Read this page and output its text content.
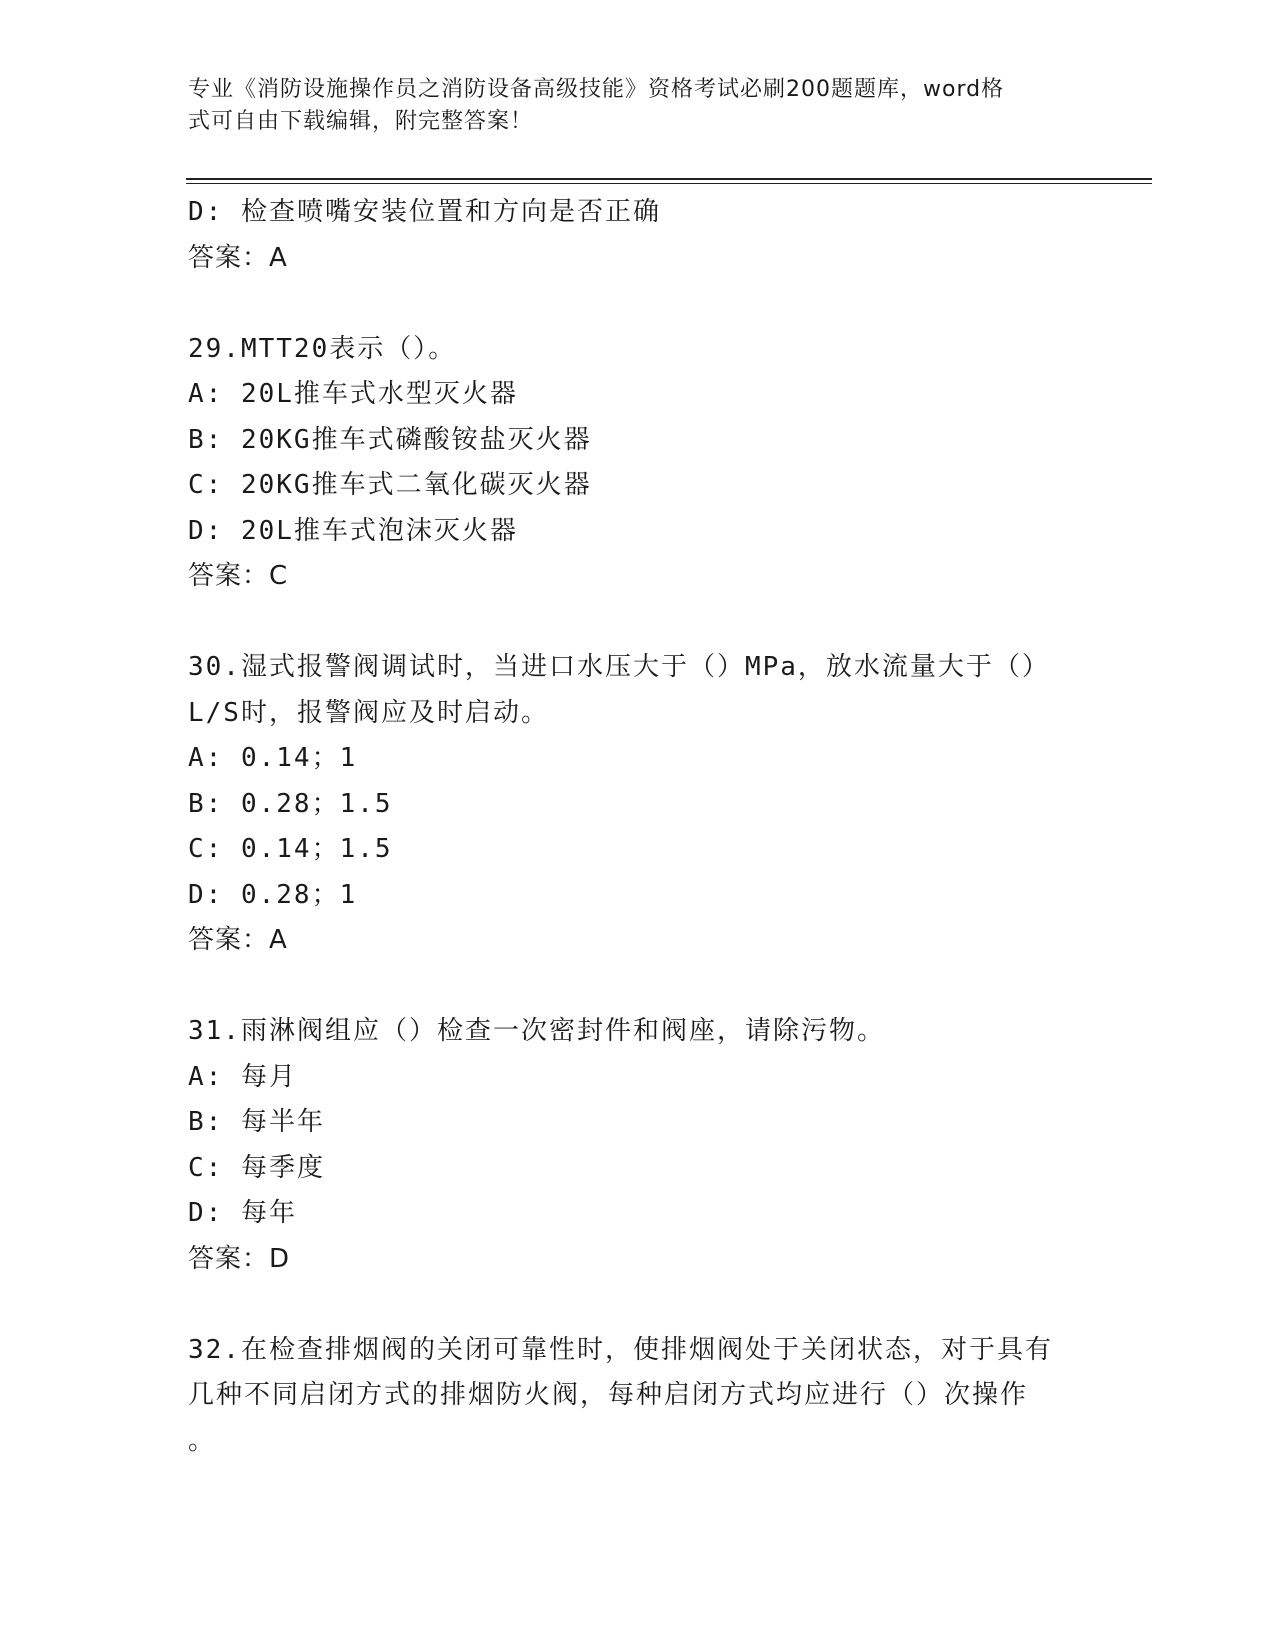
专业《消防设施操作员之消防设备高级技能》资格考试必刷200题题库，word格
式可自由下载编辑，附完整答案！
D: 检查喷嘴安装位置和方向是否正确
答案：A
29.MTT20表示（）。
A: 20L推车式水型灭火器
B: 20KG推车式磷酸铵盐灭火器
C: 20KG推车式二氧化碳灭火器
D: 20L推车式泡沫灭火器
答案：C
30.湿式报警阀调试时，当进口水压大于（）MPa，放水流量大于（）
L/S时，报警阀应及时启动。
A: 0.14；1
B: 0.28；1.5
C: 0.14；1.5
D: 0.28；1
答案：A
31.雨淋阀组应（）检查一次密封件和阀座，请除污物。
A: 每月
B: 每半年
C: 每季度
D: 每年
答案：D
32.在检查排烟阀的关闭可靠性时，使排烟阀处于关闭状态，对于具有
几种不同启闭方式的排烟防火阀，每种启闭方式均应进行（）次操作
。
